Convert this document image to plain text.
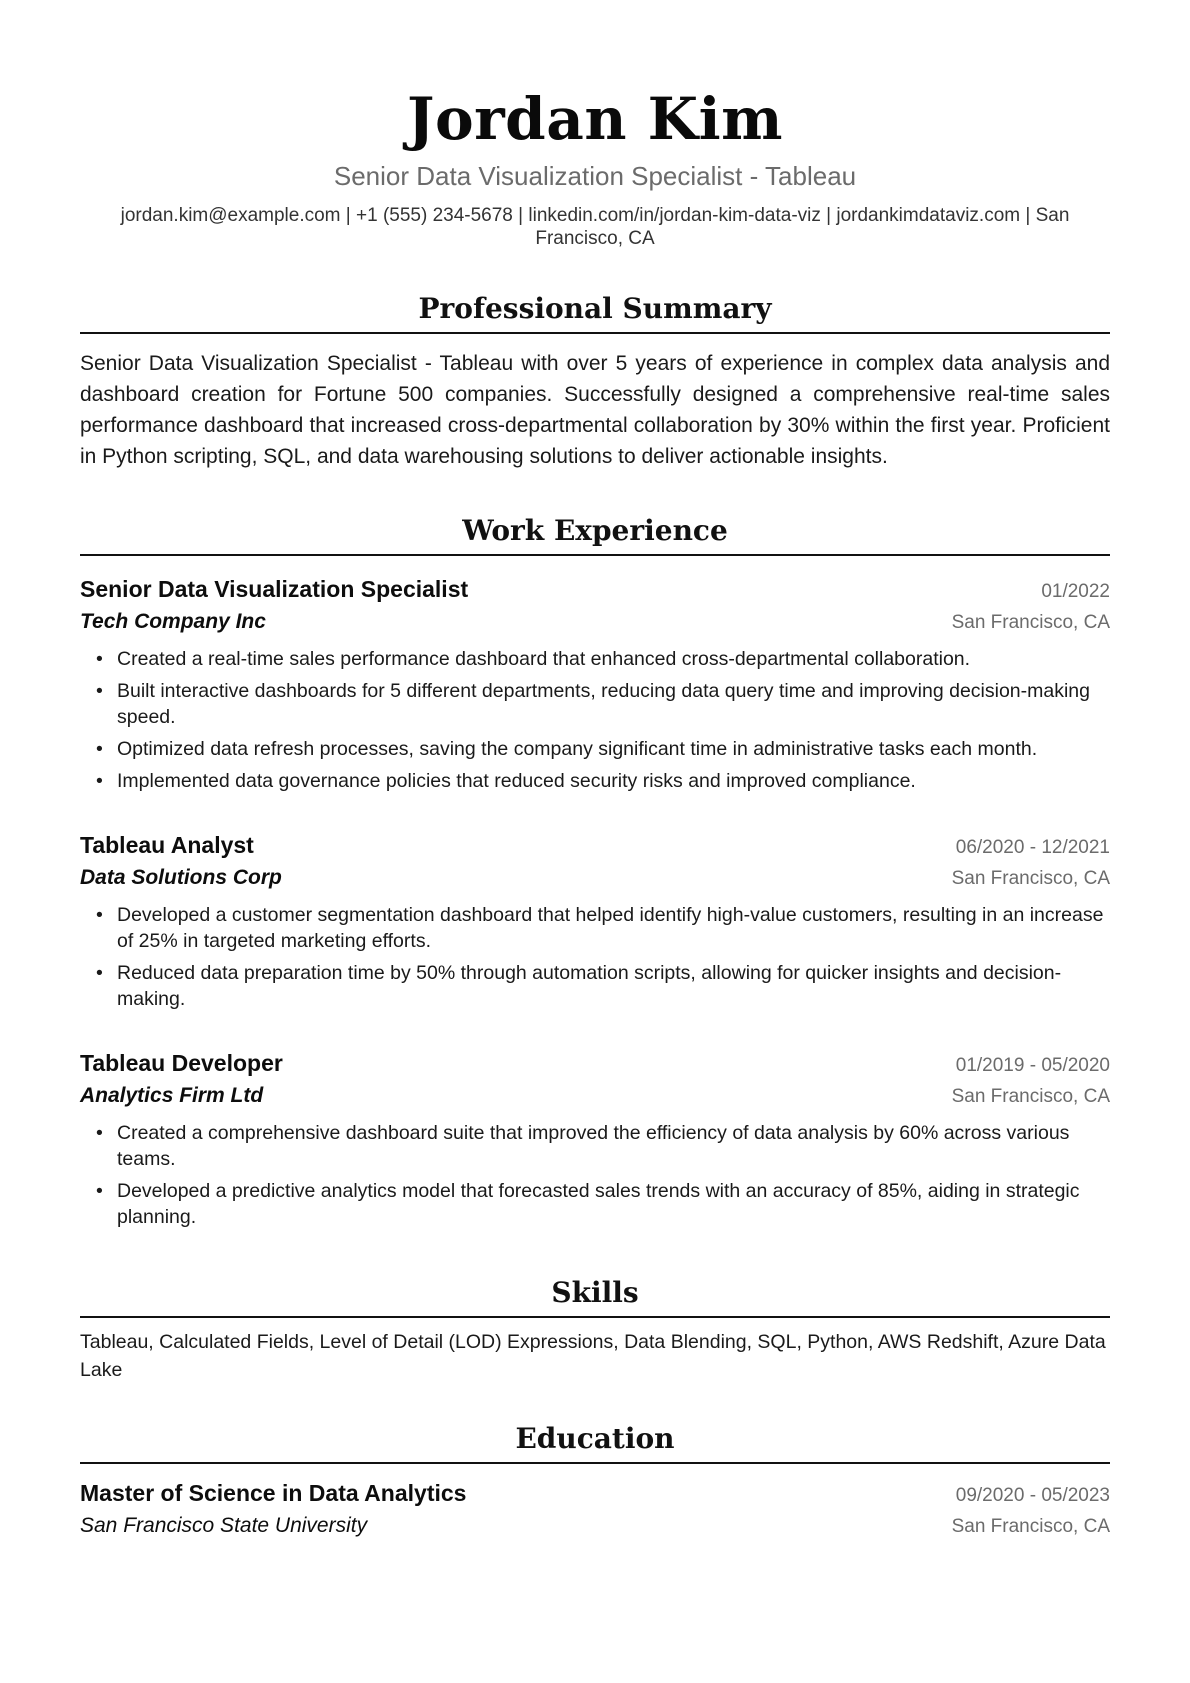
Jordan Kim
Senior Data Visualization Specialist - Tableau
jordan.kim@example.com | +1 (555) 234-5678 | linkedin.com/in/jordan-kim-data-viz | jordankimdataviz.com | San Francisco, CA
Professional Summary

Senior Data Visualization Specialist - Tableau with over 5 years of experience in complex data analysis and dashboard creation for Fortune 500 companies. Successfully designed a comprehensive real-time sales performance dashboard that increased cross-departmental collaboration by 30% within the first year. Proficient in Python scripting, SQL, and data warehousing solutions to deliver actionable insights.

Work Experience
Senior Data Visualization Specialist	01/2022
Tech Company Inc	San Francisco, CA
• Created a real-time sales performance dashboard that enhanced cross-departmental collaboration.
• Built interactive dashboards for 5 different departments, reducing data query time and improving decision-making speed.
• Optimized data refresh processes, saving the company significant time in administrative tasks each month.
• Implemented data governance policies that reduced security risks and improved compliance.
Tableau Analyst	06/2020 - 12/2021
Data Solutions Corp	San Francisco, CA
• Developed a customer segmentation dashboard that helped identify high-value customers, resulting in an increase of 25% in targeted marketing efforts.
• Reduced data preparation time by 50% through automation scripts, allowing for quicker insights and decision-making.
Tableau Developer	01/2019 - 05/2020
Analytics Firm Ltd	San Francisco, CA
• Created a comprehensive dashboard suite that improved the efficiency of data analysis by 60% across various teams.
• Developed a predictive analytics model that forecasted sales trends with an accuracy of 85%, aiding in strategic planning.
Skills

Tableau, Calculated Fields, Level of Detail (LOD) Expressions, Data Blending, SQL, Python, AWS Redshift, Azure Data Lake

Education
Master of Science in Data Analytics	09/2020 - 05/2023
San Francisco State University	San Francisco, CA
